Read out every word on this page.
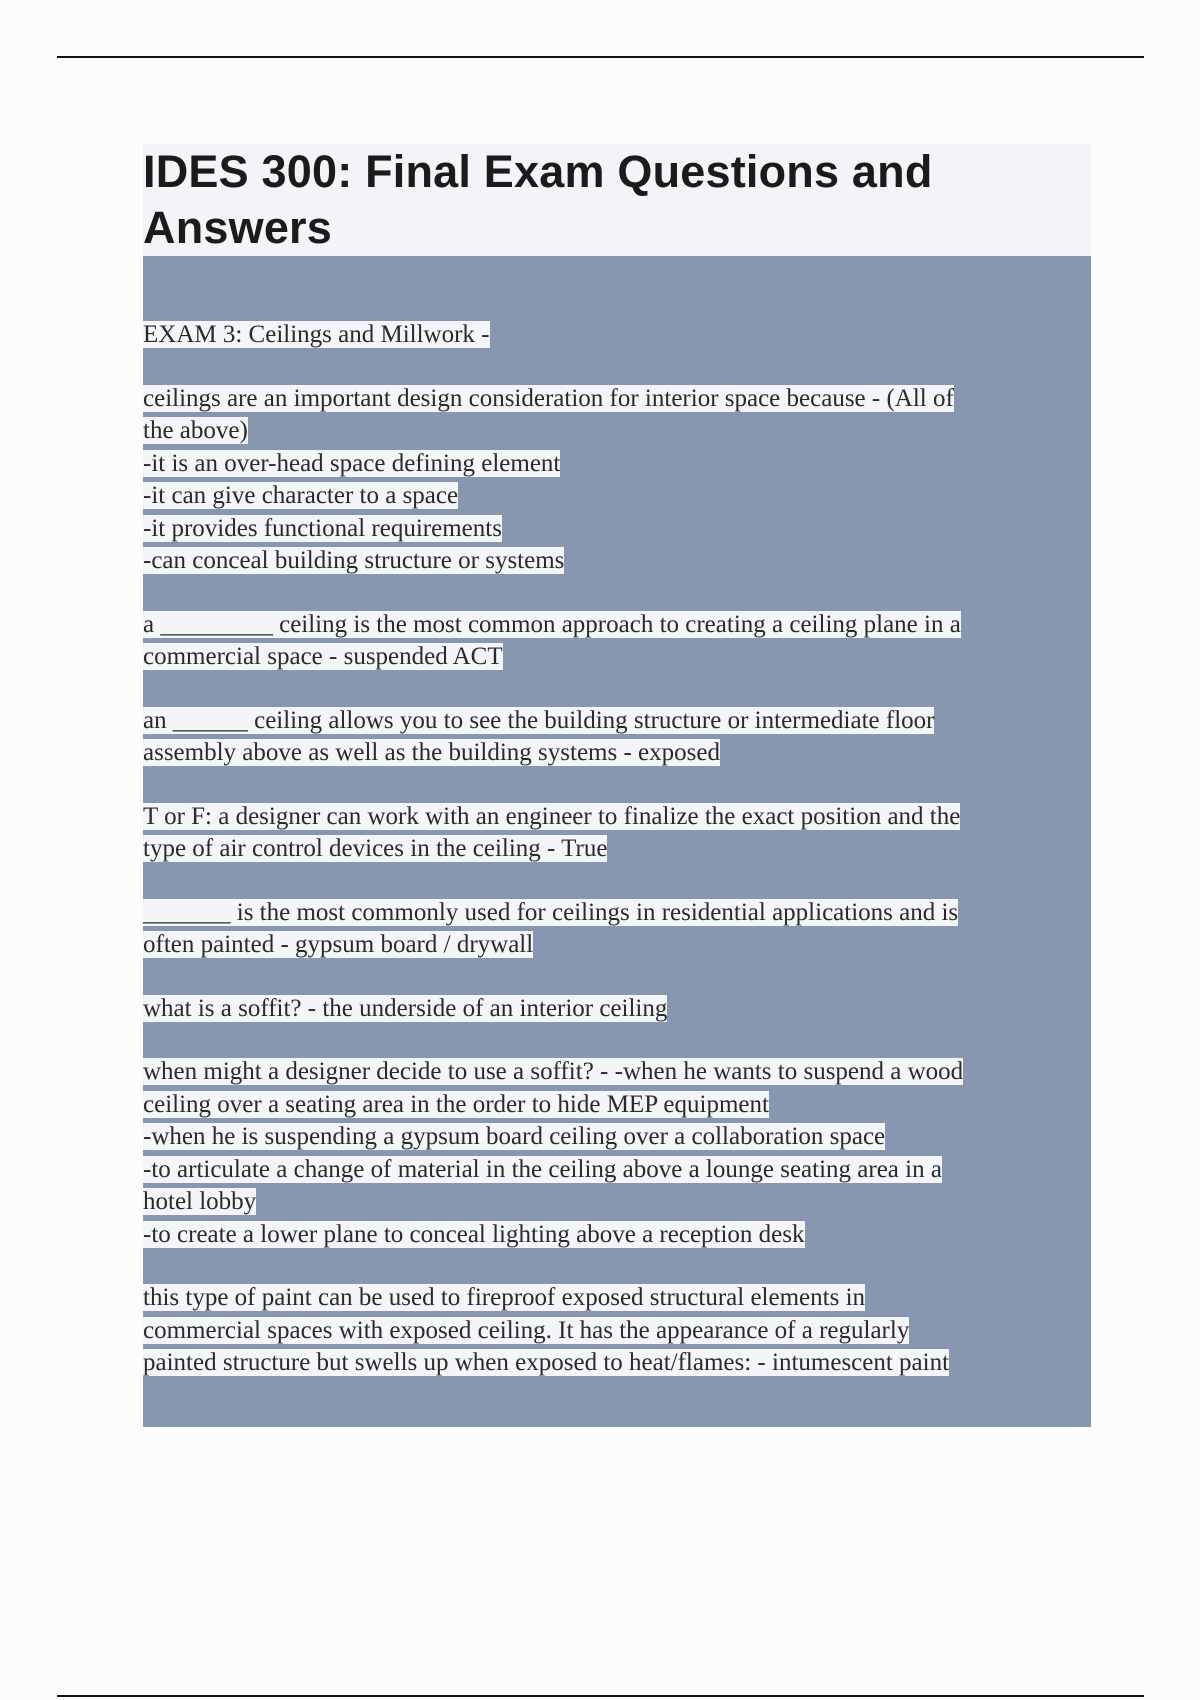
IDES 300: Final Exam Questions and Answers

EXAM 3: Ceilings and Millwork -

ceilings are an important design consideration for interior space because - (All of
the above)
-it is an over-head space defining element
-it can give character to a space
-it provides functional requirements
-can conceal building structure or systems

a _________ ceiling is the most common approach to creating a ceiling plane in a
commercial space - suspended ACT

an ______ ceiling allows you to see the building structure or intermediate floor
assembly above as well as the building systems - exposed

T or F: a designer can work with an engineer to finalize the exact position and the
type of air control devices in the ceiling - True

_______ is the most commonly used for ceilings in residential applications and is
often painted - gypsum board / drywall

what is a soffit? - the underside of an interior ceiling

when might a designer decide to use a soffit? - -when he wants to suspend a wood
ceiling over a seating area in the order to hide MEP equipment
-when he is suspending a gypsum board ceiling over a collaboration space
-to articulate a change of material in the ceiling above a lounge seating area in a
hotel lobby
-to create a lower plane to conceal lighting above a reception desk

this type of paint can be used to fireproof exposed structural elements in
commercial spaces with exposed ceiling. It has the appearance of a regularly
painted structure but swells up when exposed to heat/flames: - intumescent paint
